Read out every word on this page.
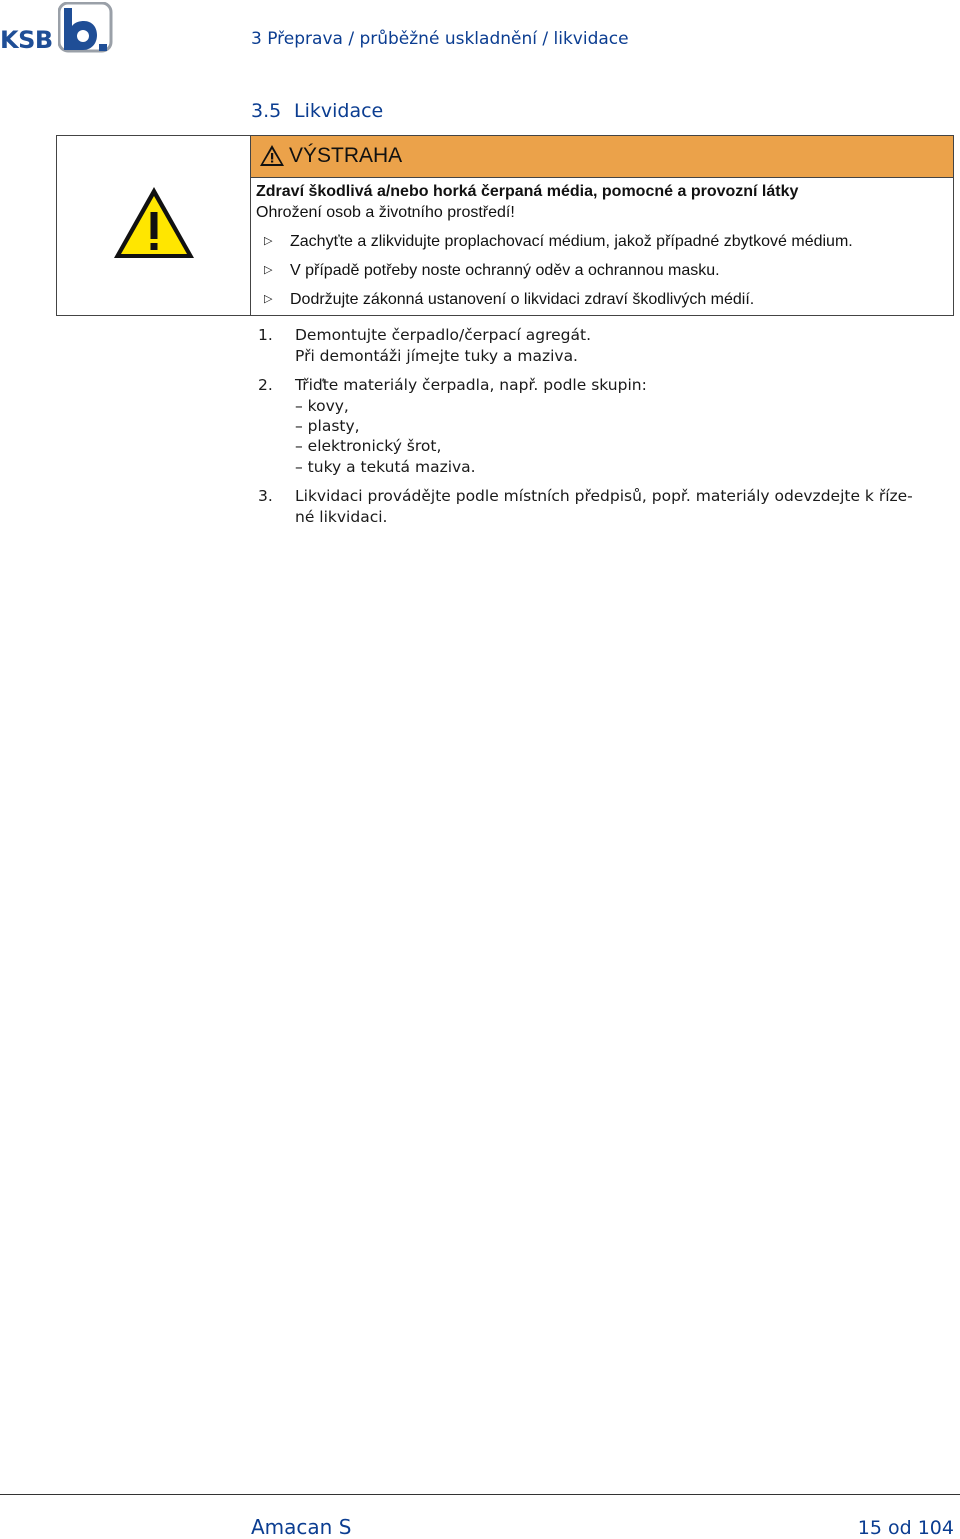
KSB	3 Přeprava / průběžné uskladnění / likvidace
3.5 Likvidace
VÝSTRAHA
Zdraví škodlivá a/nebo horká čerpaná média, pomocné a provozní látky
Ohrožení osob a životního prostředí!
▷ Zachyťte a zlikvidujte proplachovací médium, jakož případné zbytkové médium.
▷ V případě potřeby noste ochranný oděv a ochrannou masku.
▷ Dodržujte zákonná ustanovení o likvidaci zdraví škodlivých médií.
1. Demontujte čerpadlo/čerpací agregát.
Při demontáži jímejte tuky a maziva.
2. Třiďte materiály čerpadla, např. podle skupin:
– kovy,
– plasty,
– elektronický šrot,
– tuky a tekutá maziva.
3. Likvidaci provádějte podle místních předpisů, popř. materiály odevzdejte k říze-
né likvidaci.
Amacan S	15 od 104
